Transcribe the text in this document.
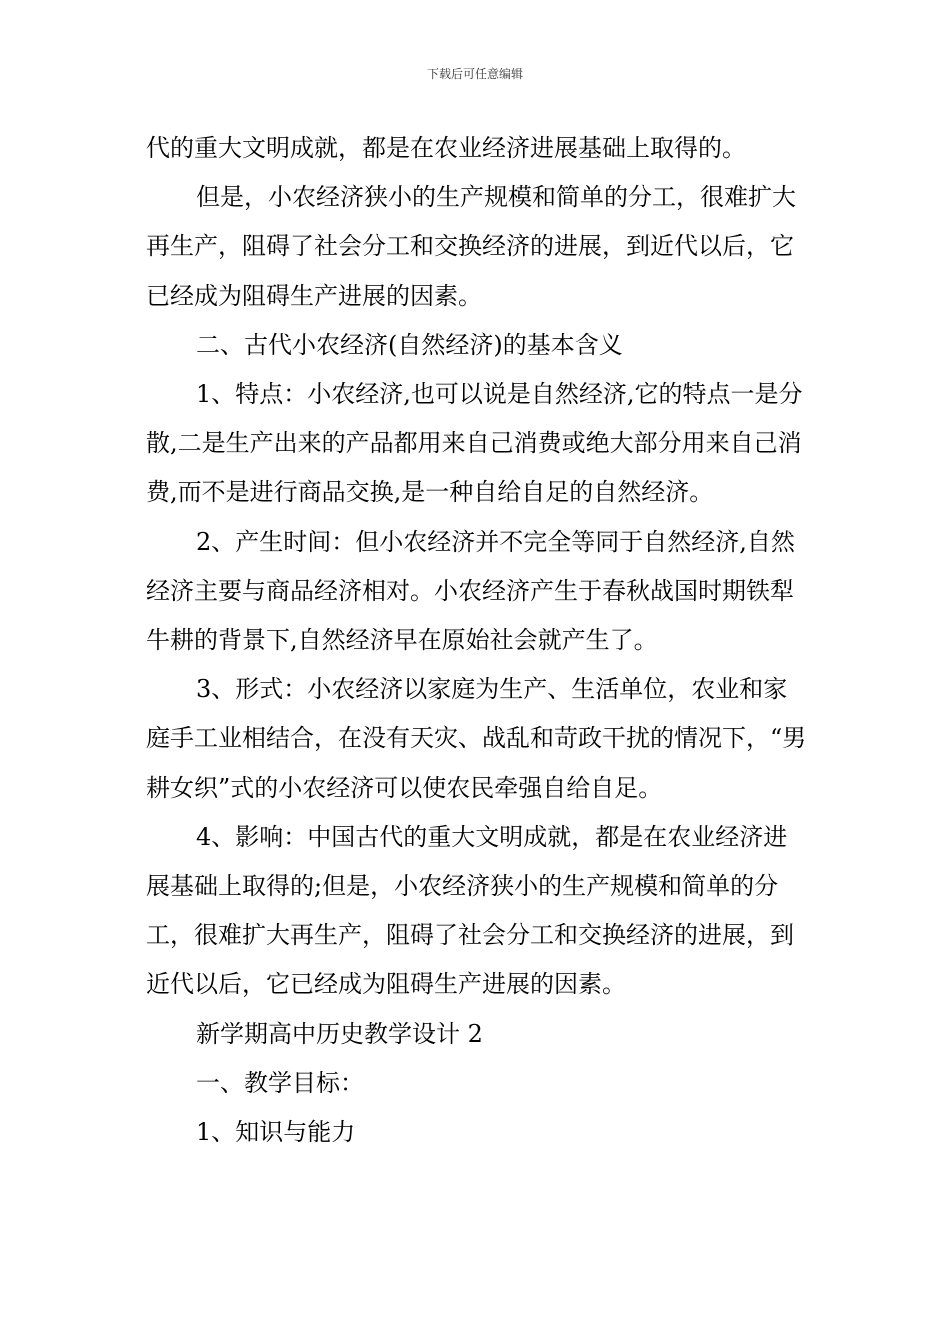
下载后可任意编辑

代的重大文明成就，都是在农业经济进展基础上取得的。

但是，小农经济狭小的生产规模和简单的分工，很难扩大再生产，阻碍了社会分工和交换经济的进展，到近代以后，它已经成为阻碍生产进展的因素。

二、古代小农经济(自然经济)的基本含义

1、特点：小农经济,也可以说是自然经济,它的特点一是分散,二是生产出来的产品都用来自己消费或绝大部分用来自己消费,而不是进行商品交换,是一种自给自足的自然经济。

2、产生时间：但小农经济并不完全等同于自然经济,自然经济主要与商品经济相对。小农经济产生于春秋战国时期铁犁牛耕的背景下,自然经济早在原始社会就产生了。

3、形式：小农经济以家庭为生产、生活单位，农业和家庭手工业相结合，在没有天灾、战乱和苛政干扰的情况下，“男耕女织”式的小农经济可以使农民牵强自给自足。

4、影响：中国古代的重大文明成就，都是在农业经济进展基础上取得的;但是，小农经济狭小的生产规模和简单的分工，很难扩大再生产，阻碍了社会分工和交换经济的进展，到近代以后，它已经成为阻碍生产进展的因素。

新学期高中历史教学设计 2

一、教学目标：

1、知识与能力
